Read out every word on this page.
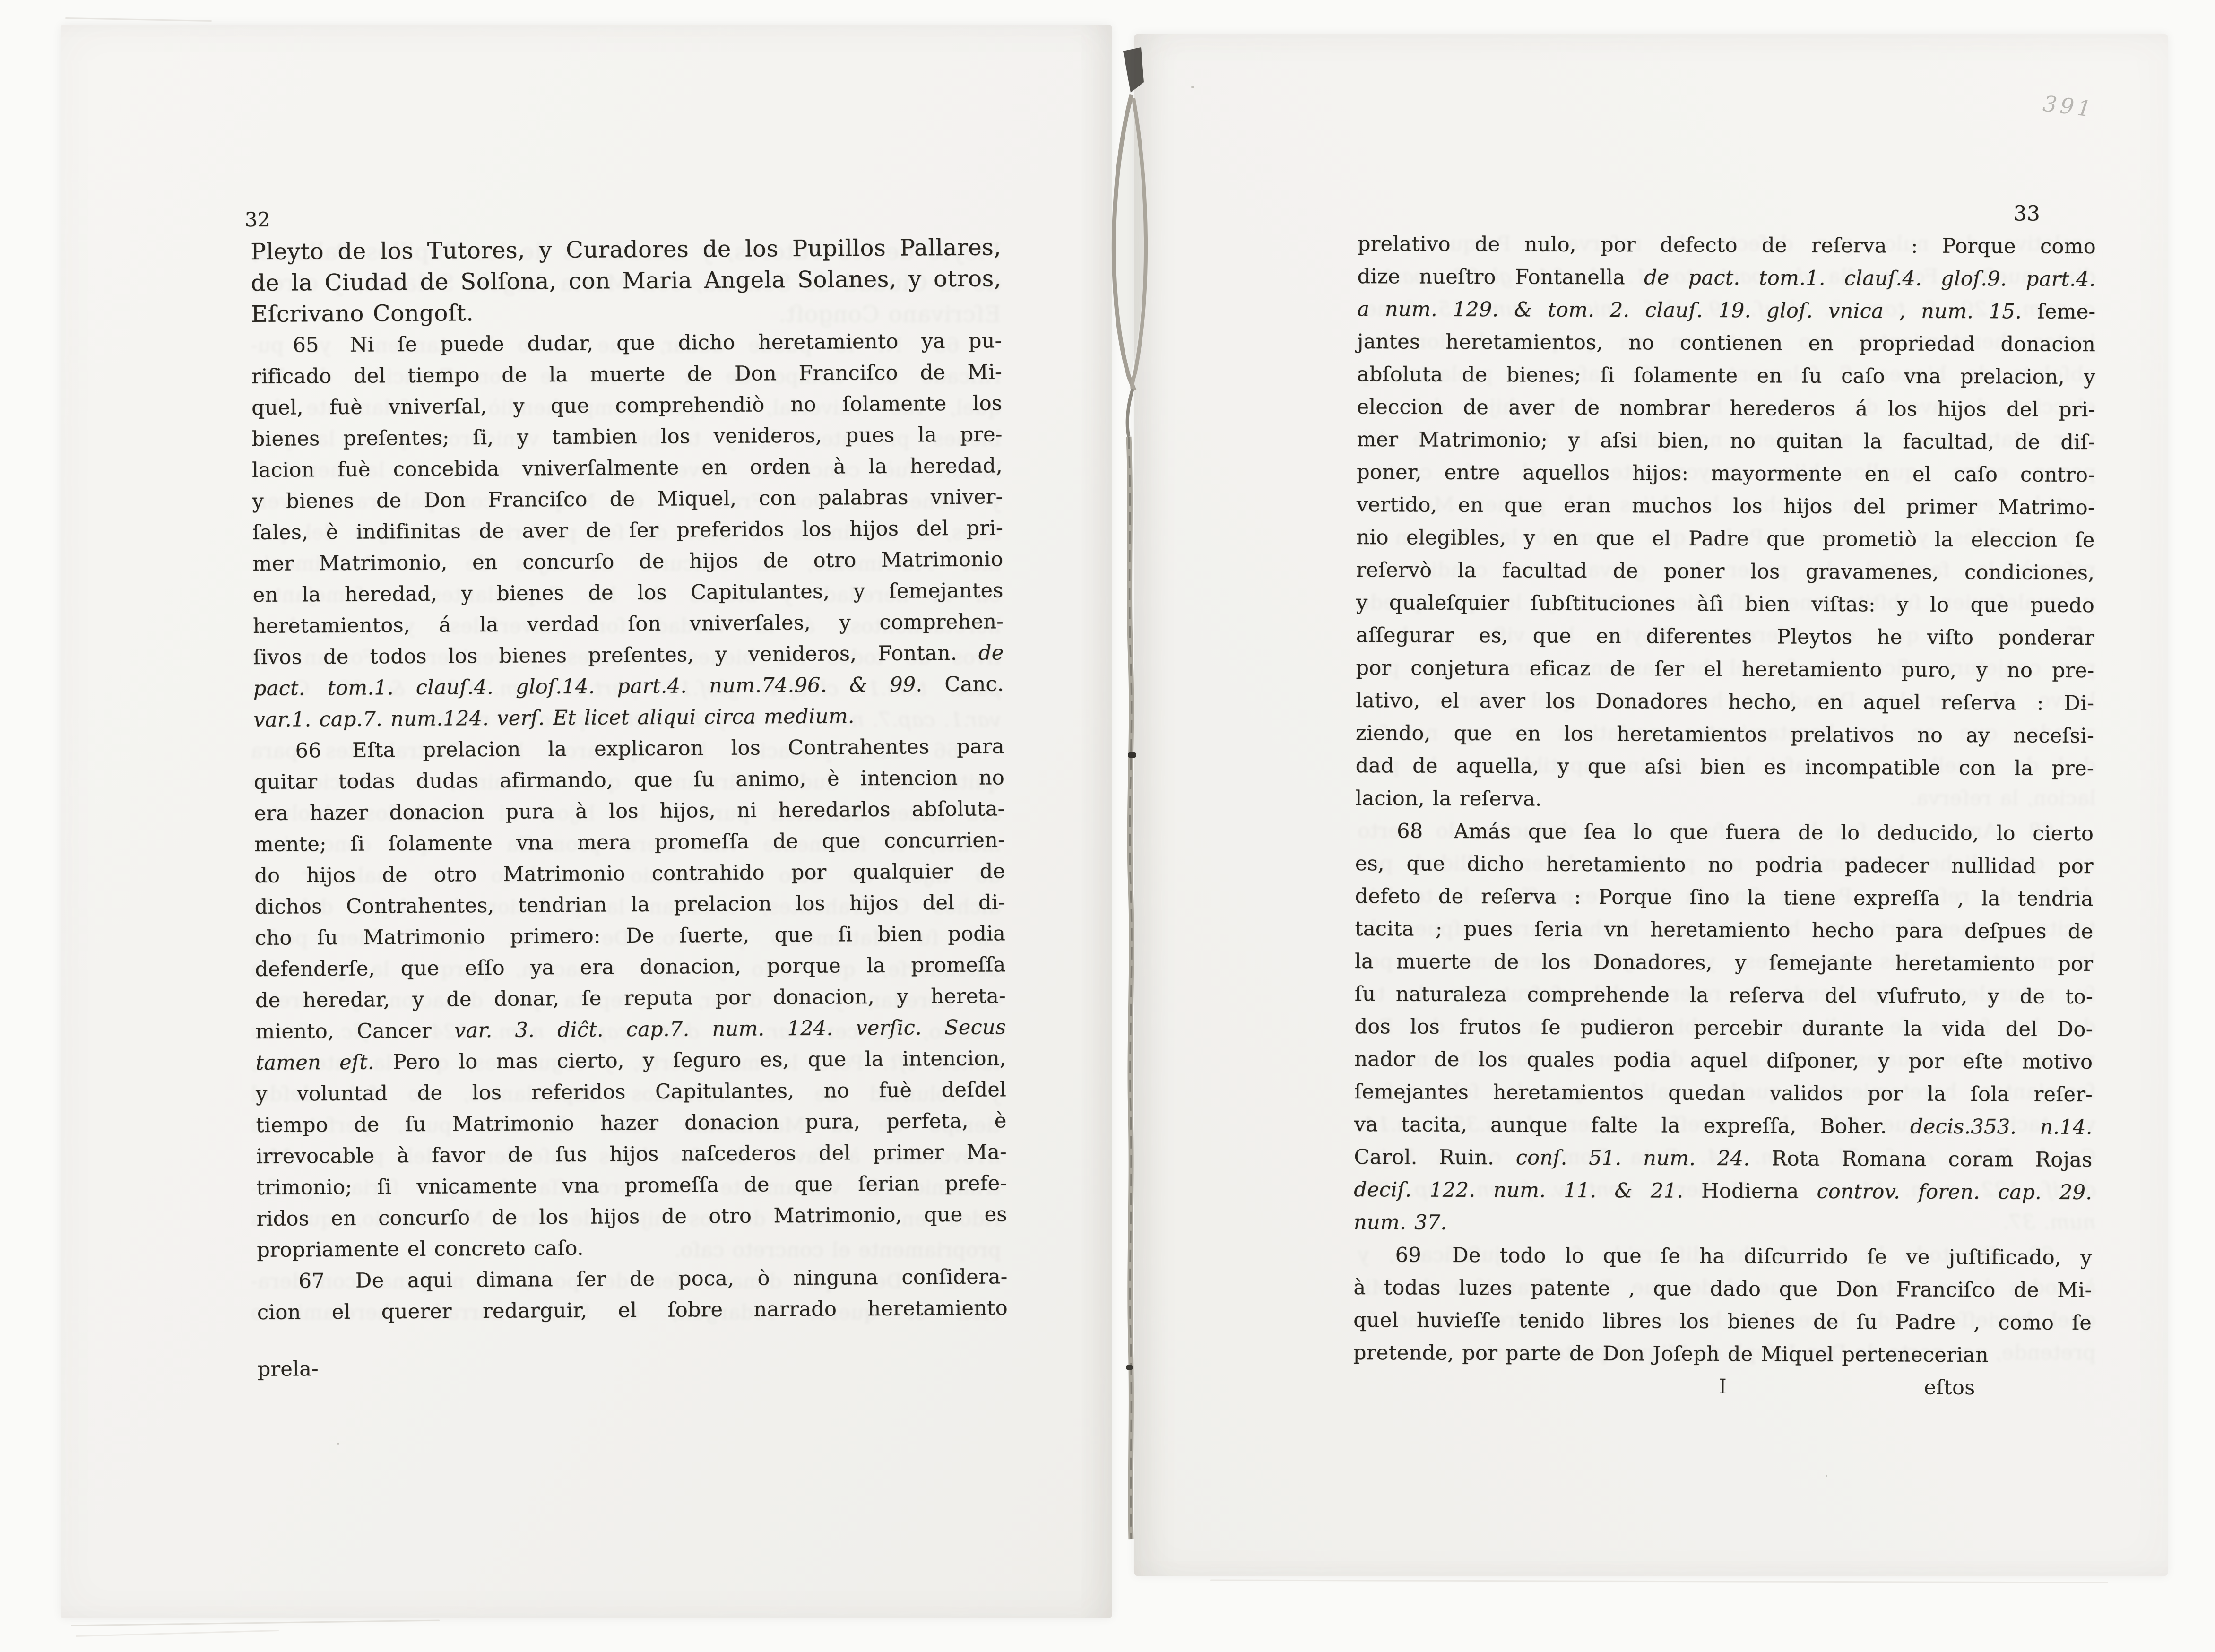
32
Pleyto de los Tutores, y Curadores de los Pupillos Pallares,
de la Ciudad de Solſona, con Maria Angela Solanes, y otros,
Eſcrivano Congoſt.
65  Ni ſe puede dudar, que dicho heretamiento ya pu-
rificado del tiempo de la muerte de Don Franciſco de Mi-
quel, fuè vniverſal, y que comprehendiò no ſolamente los
bienes preſentes; ſi, y tambien los venideros, pues la pre-
lacion fuè concebida vniverſalmente en orden à la heredad,
y bienes de Don Franciſco de Miquel, con palabras vniver-
ſales, è indifinitas de aver de ſer preferidos los hijos del pri-
mer Matrimonio, en concurſo de hijos de otro Matrimonio
en la heredad, y bienes de los Capitulantes, y ſemejantes
heretamientos, á la verdad ſon vniverſales, y comprehen-
ſivos de todos los bienes preſentes, y venideros, Fontan. de
pact. tom.1. clauſ.4. gloſ.14. part.4. num.74.96. & 99. Canc.
var.1. cap.7. num.124. verſ. Et licet aliqui circa medium.
66  Eſta prelacion la explicaron los Contrahentes para
quitar todas dudas afirmando, que ſu animo, è intencion no
era hazer donacion pura à los hijos, ni heredarlos abſoluta-
mente; ſi ſolamente vna mera promeſſa de que concurrien-
do hijos de otro Matrimonio contrahido por qualquier de
dichos Contrahentes, tendrian la prelacion los hijos del di-
cho ſu Matrimonio primero: De ſuerte, que ſi bien podia
defenderſe, que eſſo ya era donacion, porque la promeſſa
de heredar, y de donar, ſe reputa por donacion, y hereta-
miento, Cancer var. 3. diĉt. cap.7. num. 124. verſic. Secus
tamen eſt. Pero lo mas cierto, y ſeguro es, que la intencion,
y voluntad de los referidos Capitulantes, no fuè deſdel
tiempo de ſu Matrimonio hazer donacion pura, perfeta, è
irrevocable à favor de ſus hijos naſcederos del primer Ma-
trimonio; ſi vnicamente vna promeſſa de que ſerian prefe-
ridos en concurſo de los hijos de otro Matrimonio, que es
propriamente el concreto caſo.
67  De aqui dimana ſer de poca, ò ninguna conſidera-
cion el querer redarguir, el ſobre narrado heretamiento
prela-
33
prelativo de nulo, por defecto de reſerva : Porque como
dize nueſtro Fontanella de pact. tom.1. clauſ.4. gloſ.9. part.4.
a num. 129. & tom. 2. clauſ. 19. gloſ. vnica , num. 15. ſeme-
jantes heretamientos, no contienen en propriedad donacion
abſoluta de bienes; ſi ſolamente en ſu caſo vna prelacion, y
eleccion de aver de nombrar herederos á los hijos del pri-
mer Matrimonio; y aſsi bien, no quitan la facultad, de diſ-
poner, entre aquellos hijos: mayormente en el caſo contro-
vertido, en que eran muchos los hijos del primer Matrimo-
nio elegibles, y en que el Padre que prometiò la eleccion ſe
reſervò la facultad de poner los gravamenes, condiciones,
y qualeſquier ſubſtituciones àſì bien viſtas: y lo que puedo
aſſegurar es, que en diferentes Pleytos he viſto ponderar
por conjetura eficaz de ſer el heretamiento puro, y no pre-
lativo, el aver los Donadores hecho, en aquel reſerva : Di-
ziendo, que en los heretamientos prelativos no ay neceſsi-
dad de aquella, y que aſsi bien es incompatible con la pre-
lacion, la reſerva.
68  Amás que ſea lo que fuera de lo deducido, lo cierto
es, que dicho heretamiento no podria padecer nullidad por
defeto de reſerva : Porque ſino la tiene expreſſa , la tendria
tacita ; pues ſeria vn heretamiento hecho para deſpues de
la muerte de los Donadores, y ſemejante heretamiento por
ſu naturaleza comprehende la reſerva del vſufruto, y de to-
dos los frutos ſe pudieron percebir durante la vida del Do-
nador de los quales podia aquel diſponer, y por eſte motivo
ſemejantes heretamientos quedan validos por la ſola reſer-
va tacita, aunque falte la expreſſa, Boher. decis.353. n.14.
Carol. Ruin. conſ. 51. num. 24. Rota Romana coram Rojas
deciſ. 122. num. 11. & 21. Hodierna controv. foren. cap. 29.
num. 37.
69  De todo lo que ſe ha diſcurrido ſe ve juſtificado, y
à todas luzes patente , que dado que Don Franciſco de Mi-
quel huvieſſe tenido libres los bienes de ſu Padre , como ſe
pretende, por parte de Don Joſeph de Miquel pertenecerian
I	eſtos
391
